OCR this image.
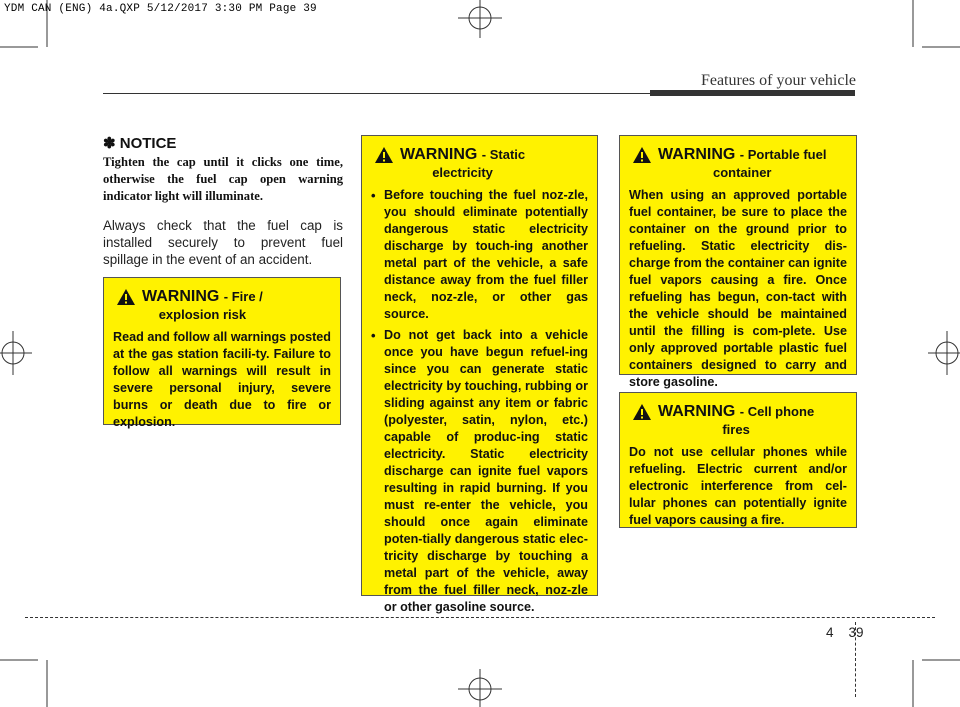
YDM CAN (ENG) 4a.QXP 5/12/2017 3:30 PM Page 39
Features of your vehicle

✽ NOTICE

Tighten the cap until it clicks one time, otherwise the fuel cap open warning indicator light will illuminate.

Always check that the fuel cap is installed securely to prevent fuel spillage in the event of an accident.

WARNING - Fire /
explosion risk

Read and follow all warnings posted at the gas station facili-ty. Failure to follow all warnings will result in severe personal injury, severe burns or death due to fire or explosion.

WARNING - Static
electricity
• Before touching the fuel noz-zle, you should eliminate potentially dangerous static electricity discharge by touch-ing another metal part of the vehicle, a safe distance away from the fuel filler neck, noz-zle, or other gas source.

• Do not get back into a vehicle once you have begun refuel-ing since you can generate static electricity by touching, rubbing or sliding against any item or fabric (polyester, satin, nylon, etc.) capable of produc-ing static electricity. Static electricity discharge can ignite fuel vapors resulting in rapid burning. If you must re-enter the vehicle, you should once again eliminate poten-tially dangerous static elec-tricity discharge by touching a metal part of the vehicle, away from the fuel filler neck, noz-zle or other gasoline source.

WARNING - Portable fuel
container

When using an approved portable fuel container, be sure to place the container on the ground prior to refueling. Static electricity dis-charge from the container can ignite fuel vapors causing a fire. Once refueling has begun, con-tact with the vehicle should be maintained until the filling is com-plete. Use only approved portable plastic fuel containers designed to carry and store gasoline.

WARNING - Cell phone
fires

Do not use cellular phones while refueling. Electric current and/or electronic interference from cel-lular phones can potentially ignite fuel vapors causing a fire.

4 39
